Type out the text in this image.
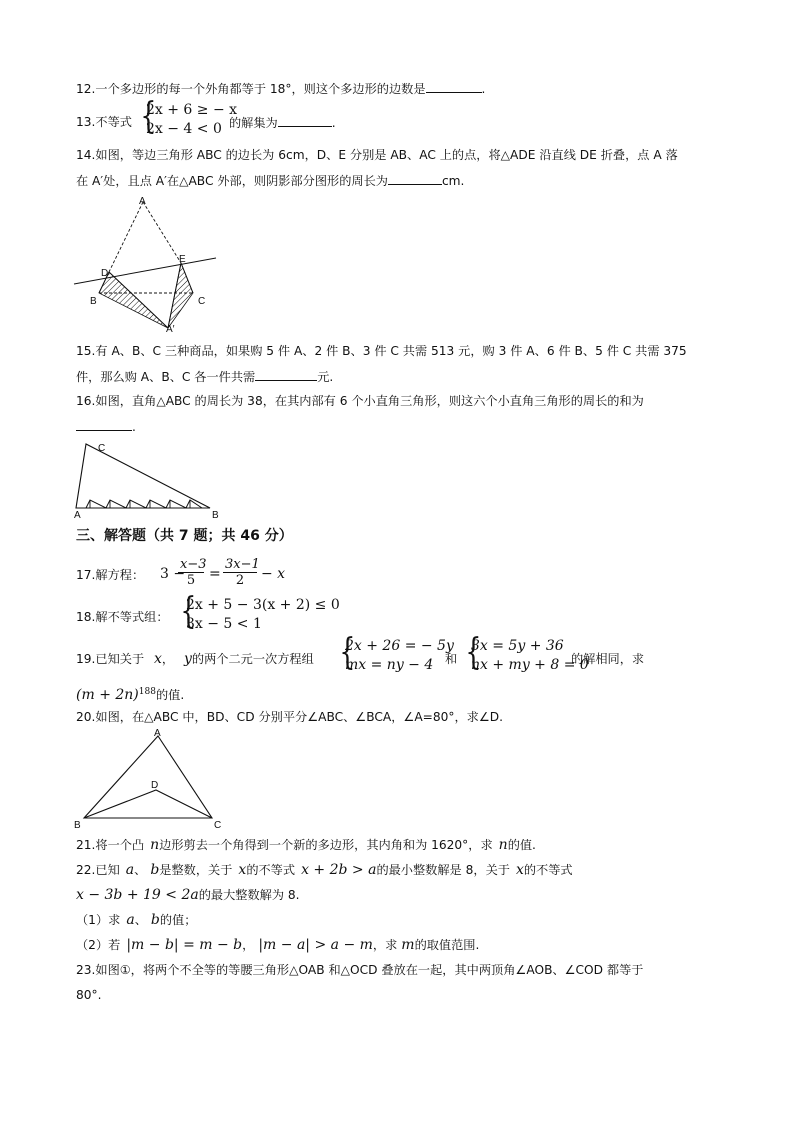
12.一个多边形的每一个外角都等于 18°，则这个多边形的边数是	.
13.不等式 {
2x + 6 ≥ − x
2x − 4 < 0 的解集为	.
14.如图，等边三角形 ABC 的边长为 6cm，D、E 分别是 AB、AC 上的点，将△ADE 沿直线 DE 折叠，点 A 落
在 A′处，且点 A′在△ABC 外部，则阴影部分图形的周长为	cm.
A
D
E
B	C
A′
15.有 A、B、C 三种商品，如果购 5 件 A、2 件 B、3 件 C 共需 513 元，购 3 件 A、6 件 B、5 件 C 共需 375
件，那么购 A、B、C 各一件共需	元.
16.如图，直角△ABC 的周长为 38，在其内部有 6 个小直角三角形，则这六个小直角三角形的周长的和为
.
C
A	B
三、解答题（共 7 题；共 46 分）
17.解方程： 3 −
$\frac{x-3}{5} = \frac{3x-1}{2} - x$
18.解不等式组： {
2x + 5 − 3(x + 2) ≤ 0
3x − 5 < 1
19.已知关于 x， y的两个二元一次方程组 {
2x + 26 = − 5y
mx = ny − 4 和 {
3x = 5y + 36
nx + my + 8 = 0
的解相同，求
$(m + 2n)^{188}$的值.
20.如图，在△ABC 中，BD、CD 分别平分∠ABC、∠BCA，∠A=80°，求∠D.
A
D
B	C
21.将一个凸 n边形剪去一个角得到一个新的多边形，其内角和为 1620°，求 n的值.
22.已知 a、 b是整数，关于 x的不等式 x + 2b > a的最小整数解是 8，关于 x的不等式
x − 3b + 19 < 2a的最大整数解为 8.
（1）求 a、 b的值；
（2）若 |m − b| = m − b， |m − a| > a − m，求 m的取值范围.
23.如图①，将两个不全等的等腰三角形△OAB 和△OCD 叠放在一起，其中两顶角∠AOB、∠COD 都等于
80°.
